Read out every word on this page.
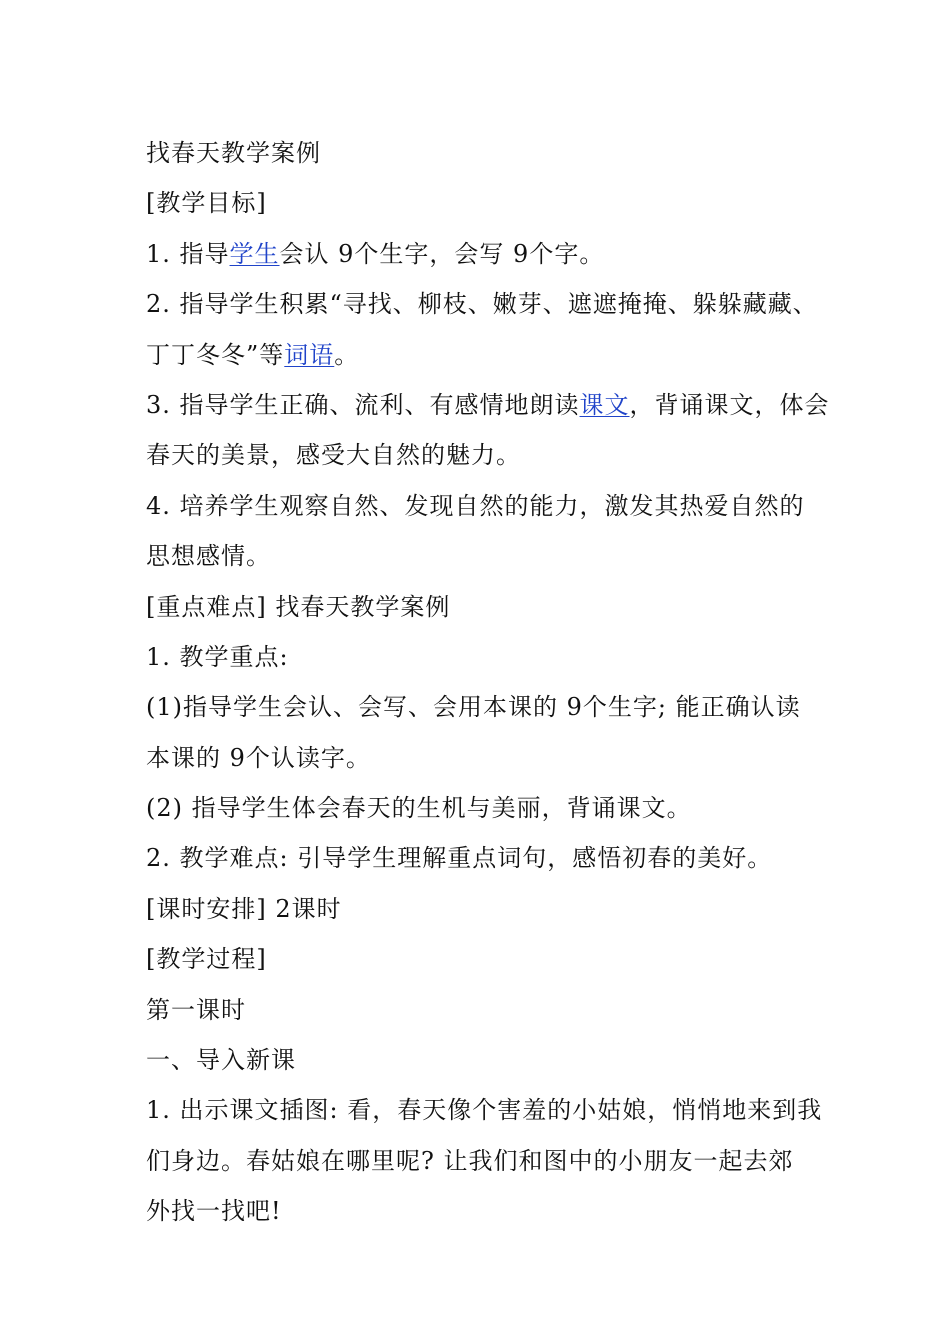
找春天教学案例
[教学目标]
1. 指导学生会认 9个生字，会写 9个字。
2. 指导学生积累“寻找、柳枝、嫩芽、遮遮掩掩、躲躲藏藏、
丁丁冬冬”等词语。
3. 指导学生正确、流利、有感情地朗读课文，背诵课文，体会
春天的美景，感受大自然的魅力。
4. 培养学生观察自然、发现自然的能力，激发其热爱自然的
思想感情。
[重点难点] 找春天教学案例
1. 教学重点:
(1)指导学生会认、会写、会用本课的 9个生字; 能正确认读
本课的 9个认读字。
(2) 指导学生体会春天的生机与美丽，背诵课文。
2. 教学难点: 引导学生理解重点词句，感悟初春的美好。
[课时安排] 2课时
[教学过程]
第一课时
一、导入新课
1. 出示课文插图: 看，春天像个害羞的小姑娘，悄悄地来到我
们身边。春姑娘在哪里呢? 让我们和图中的小朋友一起去郊
外找一找吧!
